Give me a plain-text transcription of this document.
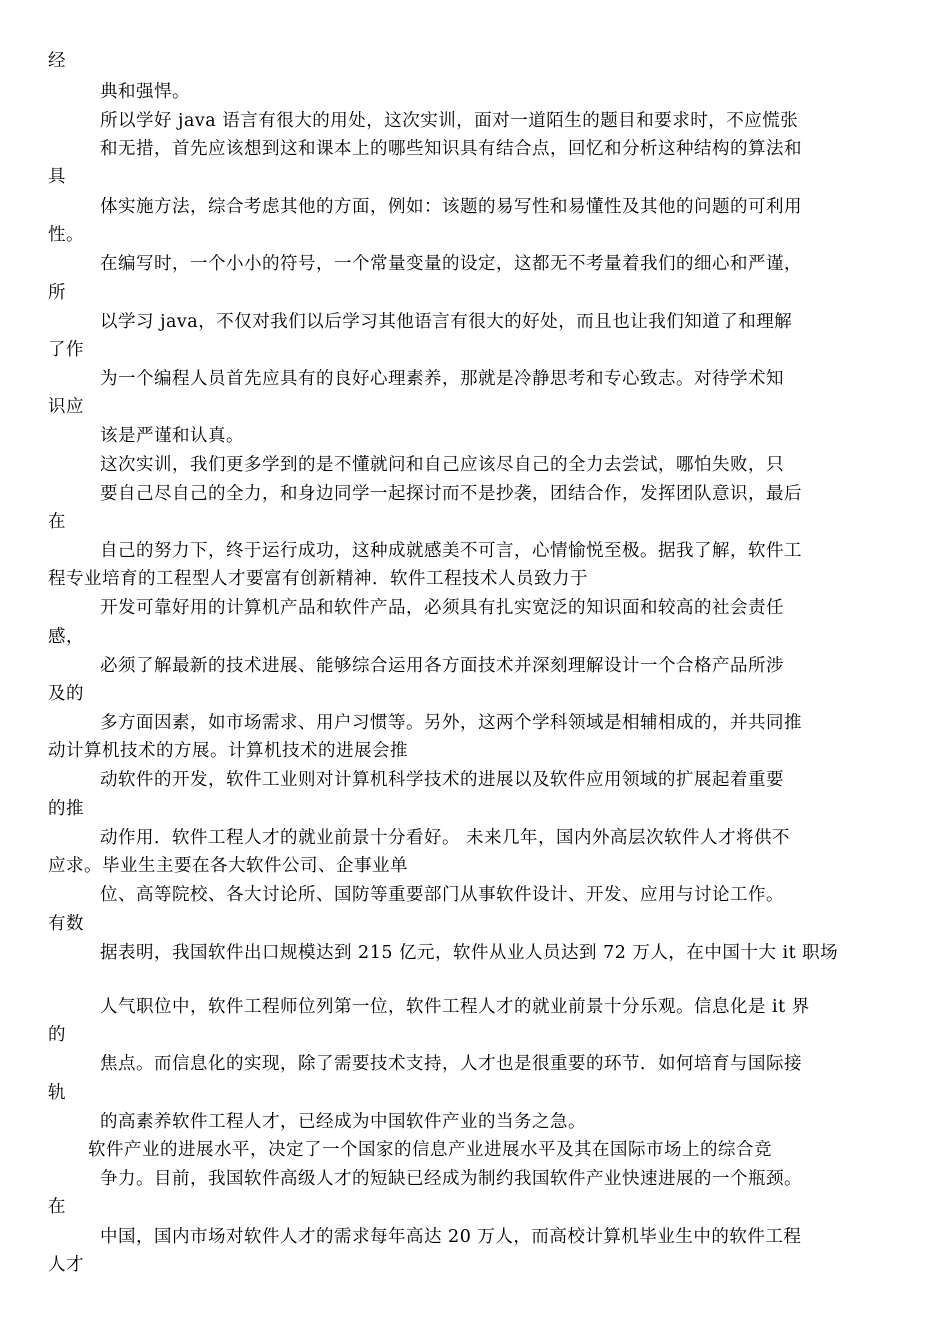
经
典和强悍。
所以学好 java 语言有很大的用处，这次实训，面对一道陌生的题目和要求时，不应慌张
和无措，首先应该想到这和课本上的哪些知识具有结合点，回忆和分析这种结构的算法和
具
体实施方法，综合考虑其他的方面，例如：该题的易写性和易懂性及其他的问题的可利用
性。
在编写时，一个小小的符号，一个常量变量的设定，这都无不考量着我们的细心和严谨，
所
以学习 java，不仅对我们以后学习其他语言有很大的好处，而且也让我们知道了和理解
了作
为一个编程人员首先应具有的良好心理素养，那就是冷静思考和专心致志。对待学术知
识应
该是严谨和认真。
这次实训，我们更多学到的是不懂就问和自己应该尽自己的全力去尝试，哪怕失败，只
要自己尽自己的全力，和身边同学一起探讨而不是抄袭，团结合作，发挥团队意识，最后
在
自己的努力下，终于运行成功，这种成就感美不可言，心情愉悦至极。据我了解，软件工
程专业培育的工程型人才要富有创新精神．软件工程技术人员致力于
开发可靠好用的计算机产品和软件产品，必须具有扎实宽泛的知识面和较高的社会责任
感，
必须了解最新的技术进展、能够综合运用各方面技术并深刻理解设计一个合格产品所涉
及的
多方面因素，如市场需求、用户习惯等。另外，这两个学科领域是相辅相成的，并共同推
动计算机技术的方展。计算机技术的进展会推
动软件的开发，软件工业则对计算机科学技术的进展以及软件应用领域的扩展起着重要
的推
动作用．软件工程人才的就业前景十分看好。 未来几年，国内外高层次软件人才将供不
应求。毕业生主要在各大软件公司、企事业单
位、高等院校、各大讨论所、国防等重要部门从事软件设计、开发、应用与讨论工作。
有数
据表明，我国软件出口规模达到 215 亿元，软件从业人员达到 72 万人，在中国十大 it 职场
人气职位中，软件工程师位列第一位，软件工程人才的就业前景十分乐观。信息化是 it 界
的
焦点。而信息化的实现，除了需要技术支持，人才也是很重要的环节．如何培育与国际接
轨
的高素养软件工程人才，已经成为中国软件产业的当务之急。
软件产业的进展水平，决定了一个国家的信息产业进展水平及其在国际市场上的综合竞
争力。目前，我国软件高级人才的短缺已经成为制约我国软件产业快速进展的一个瓶颈。
在
中国，国内市场对软件人才的需求每年高达 20 万人，而高校计算机毕业生中的软件工程
人才
